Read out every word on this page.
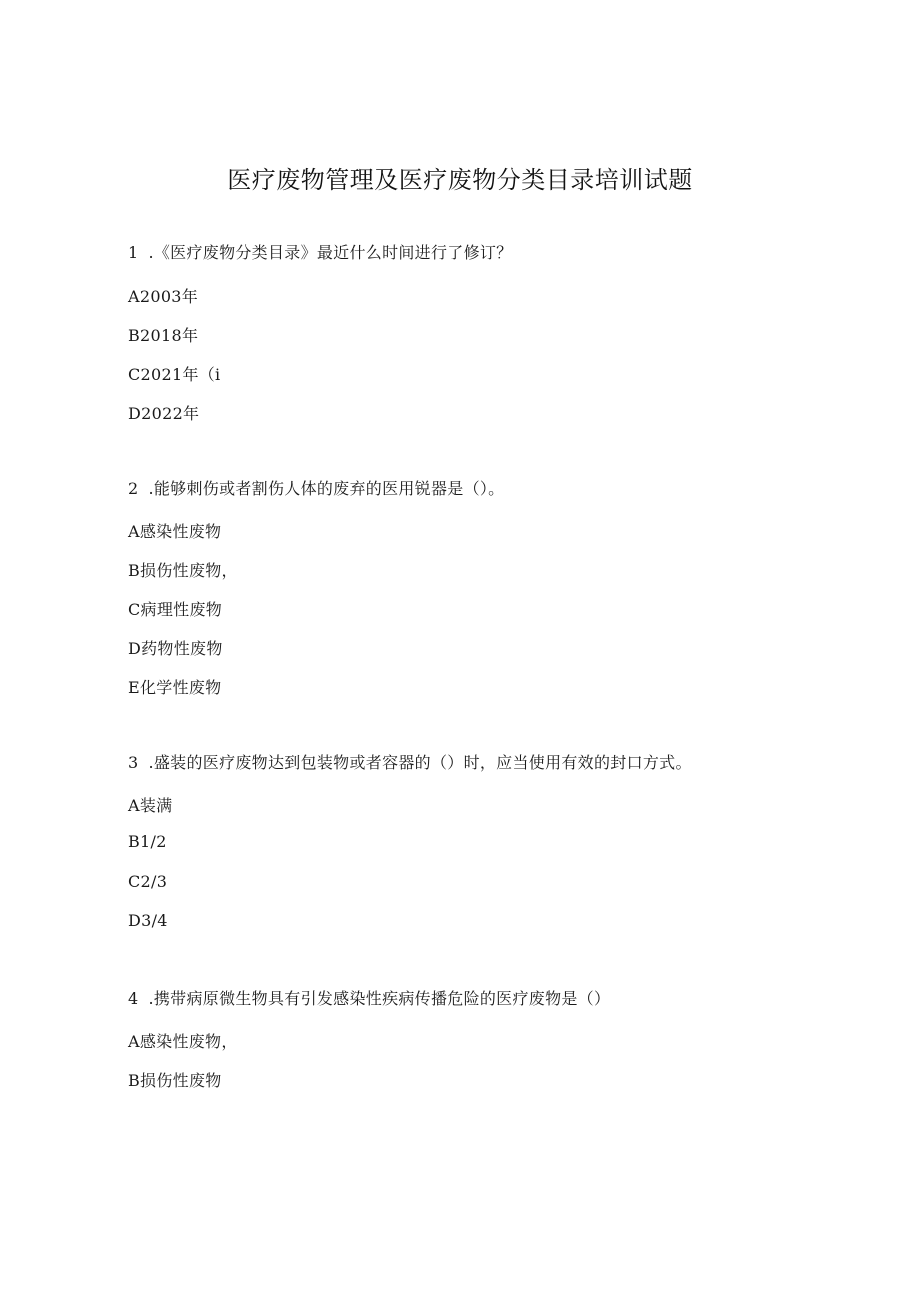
医疗废物管理及医疗废物分类目录培训试题
1 .《医疗废物分类目录》最近什么时间进行了修订？
A2003年
B2018年
C2021年（i
D2022年
2 .能够刺伤或者割伤人体的废弃的医用锐器是（）。
A感染性废物
B损伤性废物，
C病理性废物
D药物性废物
E化学性废物
3 .盛装的医疗废物达到包装物或者容器的（）时，应当使用有效的封口方式。
A装满
B1/2
C2/3
D3/4
4 .携带病原微生物具有引发感染性疾病传播危险的医疗废物是（）
A感染性废物，
B损伤性废物
